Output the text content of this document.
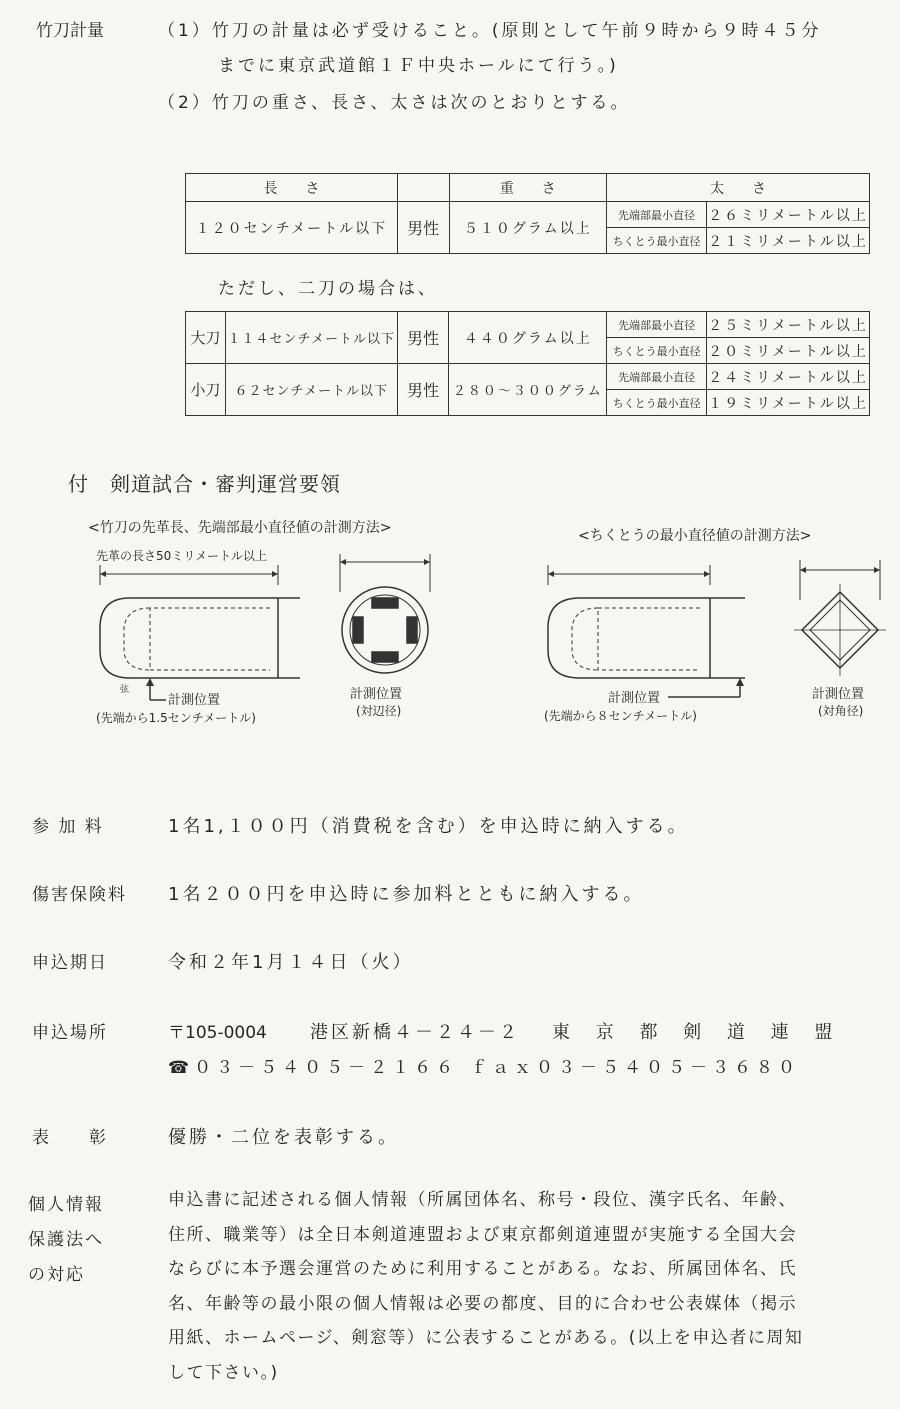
竹刀計量	（1）竹刀の計量は必ず受けること。(原則として午前９時から９時４５分
までに東京武道館１Ｆ中央ホールにて行う。)
（2）竹刀の重さ、長さ、太さは次のとおりとする。
長　　さ		重　　さ	太　　さ	
１２０センチメートル以下	男性	５１０グラム以上	先端部最小直径	２６ミリメートル以上
			ちくとう最小直径	２１ミリメートル以上
ただし、二刀の場合は、
大刀	１１４センチメートル以下	男性	４４０グラム以上	先端部最小直径	２５ミリメートル以上
				ちくとう最小直径	２０ミリメートル以上
小刀	６２センチメートル以下	男性	２８０～３００グラム	先端部最小直径	２４ミリメートル以上
				ちくとう最小直径	１９ミリメートル以上
付　剣道試合・審判運営要領
<竹刀の先革長、先端部最小直径値の計測方法>	<ちくとうの最小直径値の計測方法>
先革の長さ50ミリメートル以上
弦
計測位置
(先端から1.5センチメートル)
計測位置
(対辺径)
計測位置
(先端から８センチメートル)
計測位置
(対角径)
参 加 料	1名1,１００円（消費税を含む）を申込時に納入する。
傷害保険料 1名２００円を申込時に参加料とともに納入する。
申込期日	令和２年1月１４日（火）
申込場所	〒105-0004 港区新橋４－２４－２ 東 京 都 剣 道 連 盟
☎０３－５４０５－２１６６ ｆａｘ０３－５４０５－３６８０
表　　彰	優勝・二位を表彰する。
個人情報
保護法へ
の対応
申込書に記述される個人情報（所属団体名、称号・段位、漢字氏名、年齢、住所、職業等）は全日本剣道連盟および東京都剣道連盟が実施する全国大会ならびに本予選会運営のために利用することがある。なお、所属団体名、氏名、年齢等の最小限の個人情報は必要の都度、目的に合わせ公表媒体（掲示用紙、ホームページ、剣窓等）に公表することがある。(以上を申込者に周知して下さい。)
